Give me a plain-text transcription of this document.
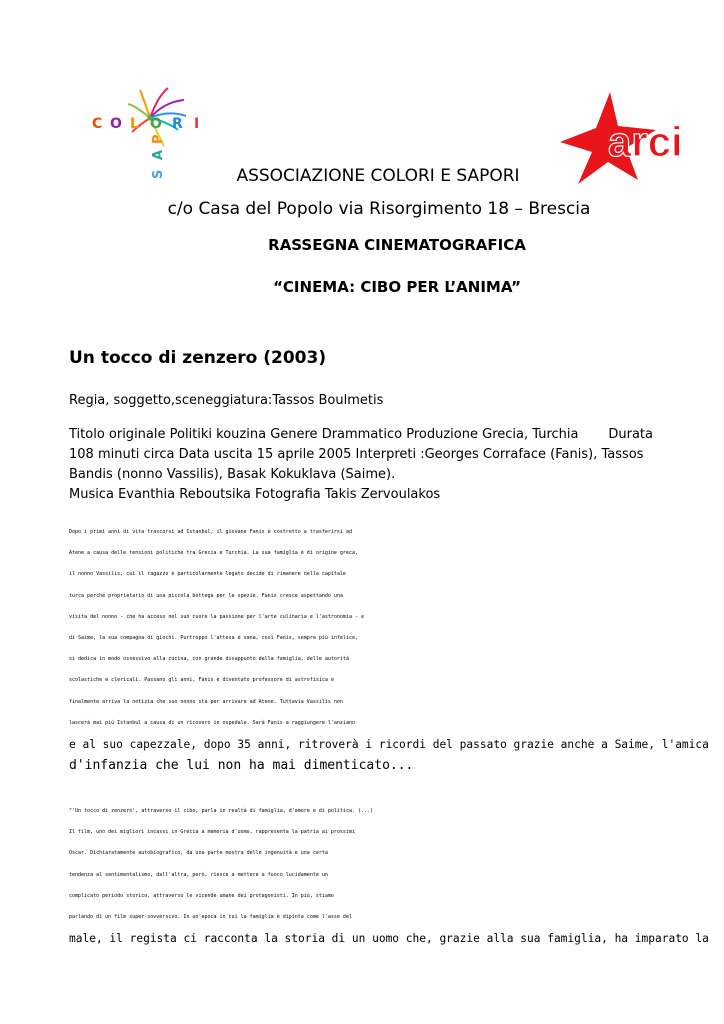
C O L O R I
P
A
S
arci
ASSOCIAZIONE COLORI E SAPORI
c/o Casa del Popolo via Risorgimento 18 – Brescia
RASSEGNA CINEMATOGRAFICA
“CINEMA: CIBO PER L’ANIMA”
Un tocco di zenzero (2003)
Regia, soggetto,sceneggiatura:Tassos Boulmetis
Titolo originale Politiki kouzina Genere Drammatico Produzione Grecia, Turchia Durata
108 minuti circa Data uscita 15 aprile 2005 Interpreti :Georges Corraface (Fanis), Tassos
Bandis (nonno Vassilis), Basak Kokuklava (Saime).
Musica Evanthia Reboutsika Fotografia Takis Zervoulakos
Dopo i primi anni di vita trascorsi ad Istanbul, il giovane Fanis è costretto a trasferirsi ad
Atene a causa delle tensioni politiche tra Grecia e Turchia. La sua famiglia è di origine greca,
il nonno Vassilis, cui il ragazzo è particolarmente legato decide di rimanere nella capitale
turca perché proprietario di una piccola bottega per le spezie. Fanis cresce aspettando una
visita del nonno - che ha acceso nel suo cuore la passione per l'arte culinaria e l'astronomia - e
di Saime, la sua compagna di giochi. Purtroppo l'attesa è vana, così Fanis, sempre più infelice,
si dedica in modo ossessivo alla cucina, con grande disappunto della famiglia, delle autorità
scolastiche e clericali. Passano gli anni, Fanis è diventato professore di astrofisica e
finalmente arriva la notizia che suo nonno sta per arrivare ad Atene. Tuttavia Vassilis non
lascerà mai più Istanbul a causa di un ricovero in ospedale. Sarà Fanis a raggiungere l'anziano
e al suo capezzale, dopo 35 anni, ritroverà i ricordi del passato grazie anche a Saime, l'amica
d'infanzia che lui non ha mai dimenticato...
"'Un tocco di zenzero', attraverso il cibo, parla in realtà di famiglia, d'amore e di politica. (...)
Il film, uno dei migliori incassi in Grecia a memoria d'uomo, rappresenta la patria ai prossimi
Oscar. Dichiaratamente autobiografico, da una parte mostra delle ingenuità e una certa
tendenza al sentimentalismo, dall'altra, però, riesce a mettere a fuoco lucidamente un
complicato periodo storico, attraverso le vicende umane dei protagonisti. In più, stiamo
parlando di un film super-sovversivo. In un'epoca in cui la famiglia è dipinta come l'asse del
male, il regista ci racconta la storia di un uomo che, grazie alla sua famiglia, ha imparato la
